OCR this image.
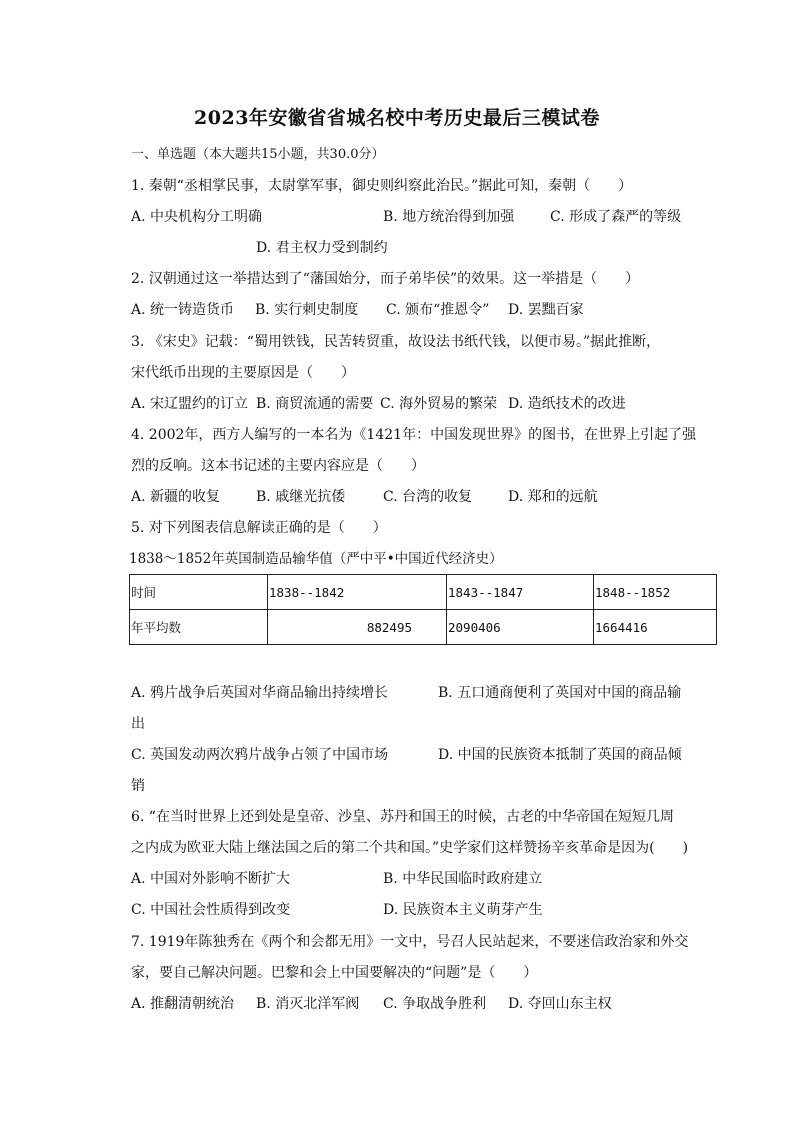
2023年安徽省省城名校中考历史最后三模试卷
一、单选题（本大题共15小题，共30.0分）
1. 秦朝“丞相掌民事，太尉掌军事，御史则纠察此治民。”据此可知，秦朝（　　）
A. 中央机构分工明确	B. 地方统治得到加强	C. 形成了森严的等级
D. 君主权力受到制约
2. 汉朝通过这一举措达到了“藩国始分，而子弟毕侯”的效果。这一举措是（　　）
A. 统一铸造货币 B. 实行刺史制度 C. 颁布“推恩令” D. 罢黜百家
3. 《宋史》记载：“蜀用铁钱，民苦转贸重，故设法书纸代钱，以便市易。”据此推断，
宋代纸币出现的主要原因是（　　）
A. 宋辽盟约的订立 B. 商贸流通的需要 C. 海外贸易的繁荣 D. 造纸技术的改进
4. 2002年，西方人编写的一本名为《1421年：中国发现世界》的图书，在世界上引起了强
烈的反响。这本书记述的主要内容应是（　　）
A. 新疆的收复	B. 戚继光抗倭	C. 台湾的收复	D. 郑和的远航
5. 对下列图表信息解读正确的是（　　）
1838～1852年英国制造品输华值（严中平•中国近代经济史）
时间	1838--1842	1843--1847	1848--1852
年平均数	882495	2090406	1664416
A. 鸦片战争后英国对华商品输出持续增长	B. 五口通商便利了英国对中国的商品输
出
C. 英国发动两次鸦片战争占领了中国市场	D. 中国的民族资本抵制了英国的商品倾
销
6. “在当时世界上还到处是皇帝、沙皇、苏丹和国王的时候，古老的中华帝国在短短几周
之内成为欧亚大陆上继法国之后的第二个共和国。”史学家们这样赞扬辛亥革命是因为(　　)
A. 中国对外影响不断扩大	B. 中华民国临时政府建立
C. 中国社会性质得到改变	D. 民族资本主义萌芽产生
7. 1919年陈独秀在《两个和会都无用》一文中，号召人民站起来，不要迷信政治家和外交
家，要自己解决问题。巴黎和会上中国要解决的“问题”是（　　）
A. 推翻清朝统治 B. 消灭北洋军阀 C. 争取战争胜利 D. 夺回山东主权
